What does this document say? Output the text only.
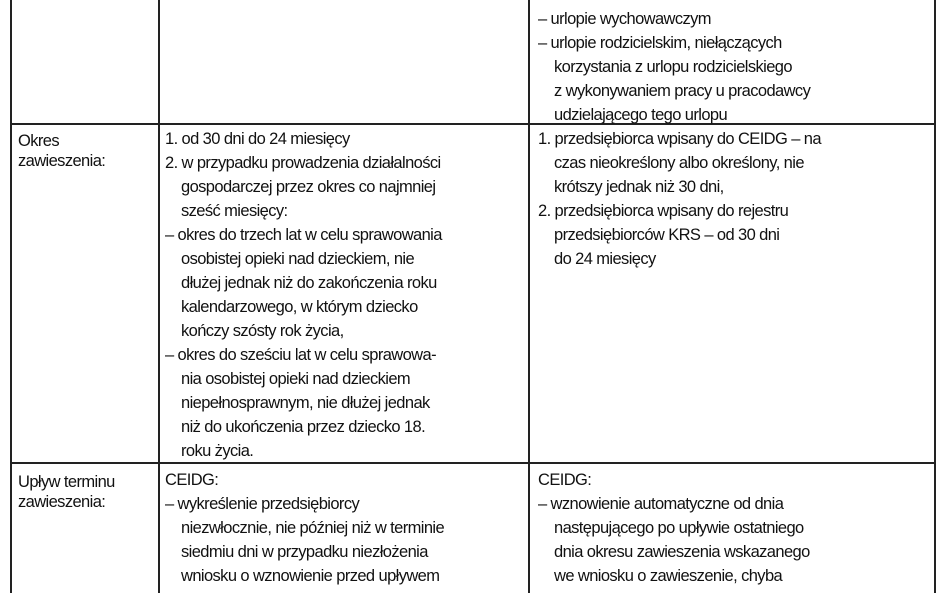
– urlopie wychowawczym
– urlopie rodzicielskim, niełączących
korzystania z urlopu rodzicielskiego
z wykonywaniem pracy u pracodawcy
udzielającego tego urlopu
Okres
zawieszenia:
1. od 30 dni do 24 miesięcy
2. w przypadku prowadzenia działalności
gospodarczej przez okres co najmniej
sześć miesięcy:
– okres do trzech lat w celu sprawowania
osobistej opieki nad dzieckiem, nie
dłużej jednak niż do zakończenia roku
kalendarzowego, w którym dziecko
kończy szósty rok życia,
– okres do sześciu lat w celu sprawowa-
nia osobistej opieki nad dzieckiem
niepełnosprawnym, nie dłużej jednak
niż do ukończenia przez dziecko 18.
roku życia.
1. przedsiębiorca wpisany do CEIDG – na
czas nieokreślony albo określony, nie
krótszy jednak niż 30 dni,
2. przedsiębiorca wpisany do rejestru
przedsiębiorców KRS – od 30 dni
do 24 miesięcy
Upływ terminu
zawieszenia:
CEIDG:
– wykreślenie przedsiębiorcy
niezwłocznie, nie później niż w terminie
siedmiu dni w przypadku niezłożenia
wniosku o wznowienie przed upływem
CEIDG:
– wznowienie automatyczne od dnia
następującego po upływie ostatniego
dnia okresu zawieszenia wskazanego
we wniosku o zawieszenie, chyba
